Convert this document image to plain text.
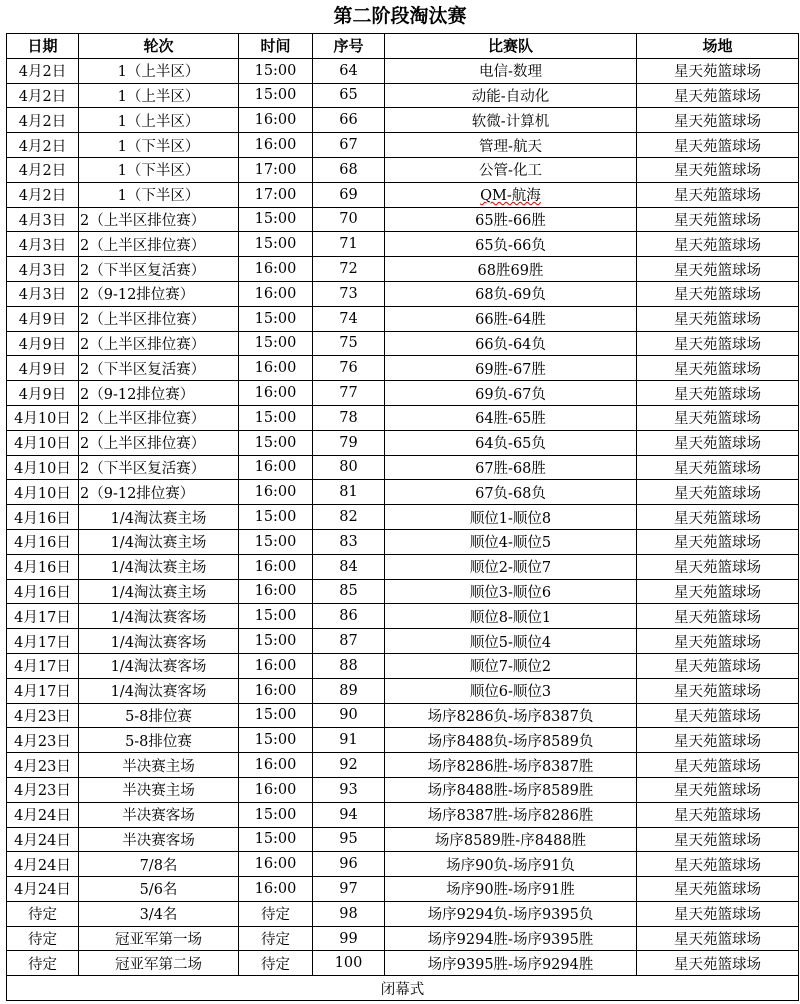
第二阶段淘汰赛
日期	轮次	时间	序号	比赛队	场地
4月2日	1（上半区）	15:00	64	电信-数理	星天苑篮球场
4月2日	1（上半区）	15:00	65	动能-自动化	星天苑篮球场
4月2日	1（上半区）	16:00	66	软微-计算机	星天苑篮球场
4月2日	1（下半区）	16:00	67	管理-航天	星天苑篮球场
4月2日	1（下半区）	17:00	68	公管-化工	星天苑篮球场
4月2日	1（下半区）	17:00	69	QM-航海	星天苑篮球场
4月3日	2（上半区排位赛）	15:00	70	65胜-66胜	星天苑篮球场
4月3日	2（上半区排位赛）	15:00	71	65负-66负	星天苑篮球场
4月3日	2（下半区复活赛）	16:00	72	68胜69胜	星天苑篮球场
4月3日	2（9-12排位赛）	16:00	73	68负-69负	星天苑篮球场
4月9日	2（上半区排位赛）	15:00	74	66胜-64胜	星天苑篮球场
4月9日	2（上半区排位赛）	15:00	75	66负-64负	星天苑篮球场
4月9日	2（下半区复活赛）	16:00	76	69胜-67胜	星天苑篮球场
4月9日	2（9-12排位赛）	16:00	77	69负-67负	星天苑篮球场
4月10日	2（上半区排位赛）	15:00	78	64胜-65胜	星天苑篮球场
4月10日	2（上半区排位赛）	15:00	79	64负-65负	星天苑篮球场
4月10日	2（下半区复活赛）	16:00	80	67胜-68胜	星天苑篮球场
4月10日	2（9-12排位赛）	16:00	81	67负-68负	星天苑篮球场
4月16日	1/4淘汰赛主场	15:00	82	顺位1-顺位8	星天苑篮球场
4月16日	1/4淘汰赛主场	15:00	83	顺位4-顺位5	星天苑篮球场
4月16日	1/4淘汰赛主场	16:00	84	顺位2-顺位7	星天苑篮球场
4月16日	1/4淘汰赛主场	16:00	85	顺位3-顺位6	星天苑篮球场
4月17日	1/4淘汰赛客场	15:00	86	顺位8-顺位1	星天苑篮球场
4月17日	1/4淘汰赛客场	15:00	87	顺位5-顺位4	星天苑篮球场
4月17日	1/4淘汰赛客场	16:00	88	顺位7-顺位2	星天苑篮球场
4月17日	1/4淘汰赛客场	16:00	89	顺位6-顺位3	星天苑篮球场
4月23日	5-8排位赛	15:00	90	场序8286负-场序8387负	星天苑篮球场
4月23日	5-8排位赛	15:00	91	场序8488负-场序8589负	星天苑篮球场
4月23日	半决赛主场	16:00	92	场序8286胜-场序8387胜	星天苑篮球场
4月23日	半决赛主场	16:00	93	场序8488胜-场序8589胜	星天苑篮球场
4月24日	半决赛客场	15:00	94	场序8387胜-场序8286胜	星天苑篮球场
4月24日	半决赛客场	15:00	95	场序8589胜-序8488胜	星天苑篮球场
4月24日	7/8名	16:00	96	场序90负-场序91负	星天苑篮球场
4月24日	5/6名	16:00	97	场序90胜-场序91胜	星天苑篮球场
待定	3/4名	待定	98	场序9294负-场序9395负	星天苑篮球场
待定	冠亚军第一场	待定	99	场序9294胜-场序9395胜	星天苑篮球场
待定	冠亚军第二场	待定	100	场序9395胜-场序9294胜	星天苑篮球场
闭幕式					
